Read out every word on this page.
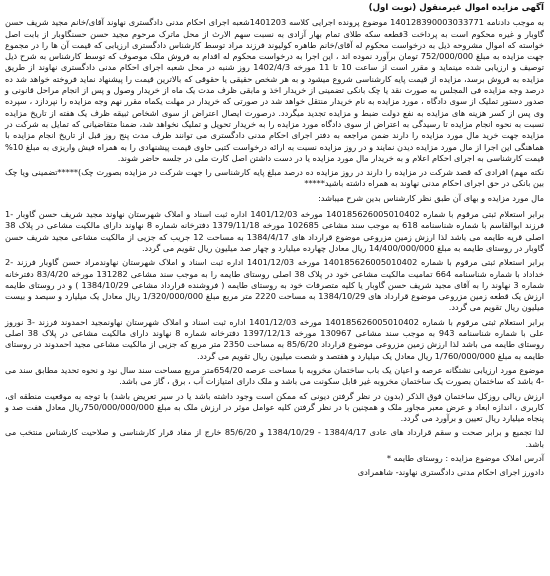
آگهی مزایده اموال غیرمنقول (نوبت اول)

به موجب دادنامه 140128390003033771 موضوع پرونده اجرایی کلاسه 1401203شعبه اجرای احکام مدنی دادگستری نهاوند آقای/خانم مجید شریف حسن گاوبار و غیره محکوم است به پرداخت 3قطعه سکه طلای تمام بهار آزادی به نسبت سهم الارث از محل ماترک مرحوم مجید حسن حسنگاوبار از بابت اصل خواسته که اموال مشروحه ذیل به درخواست محکوم له آقای/خانم طاهره کولیوند فرزند مراد توسط کارشناس دادگستری ارزیابی که قیمت آن ها را در مجموع جهت مزایده به مبلغ 752/000/000 تومان برآورد نموده اند ، این اجرا به درخواست محکوم له اقدام به فروش ملک موصوف که توسط کارشناس به شرح ذیل توصیف و ارزیابی شده مینماید و مقرر است از ساعت 10 تا 11 مورخه 1402/4/3 روز شنبه در محل شعبه اجرای احکام مدنی دادگستری نهاوند از طریق مزایده به فروش برسد، مزایده از قیمت پایه کارشناسی شروع میشود و به هر شخص حقیقی یا حقوقی که بالاترین قیمت را پیشنهاد نماید فروخته خواهد شد ده درصد وجه مزایده فی المجلس به صورت نقد یا چک بانکی تضمینی از خریدار اخذ و مابقی ظرف مدت یک ماه از خریدار وصول و پس از انجام مراحل قانونی و صدور دستور تملیک از سوی دادگاه ، مورد مزایده به نام خریدار منتقل خواهد شد در صورتی که خریدار در مهلت یکماه مقرر نهم وجه مزایده را نپردازد ، سپرده وی پس از کسر هزینه های مزایده به نفع دولت ضبط و مزایده تجدید میگردد. درصورت ایصال اعتراض از سوی اشخاص ثبیقه ظرف یک هفته از تاریخ مزایده نسبت به نحوه انجام مزایده تا رسیدگی به اعتراض از سوی دادگاه مورد مزایده را به خریدار تحویل و تملیک نخواهد شد، ضمنا متقاضیانی که تمایل به شرکت در مزایده جهت خرید مال مورد مزایده را دارند ضمن مراجعه به دفتر اجرای احکام مدنی دادگستری می توانند ظرف مدت پنج روز قبل از تاریخ انجام مزایده با هماهنگی این اجرا از مال مورد مزایده دیدن نمایند و در روز مزایده نسبت به ارائه درخواست کتبی حاوی قیمت پیشنهادی را به همراه فیش واریزی به مبلغ 10% قیمت کارشناسی به اجرای احکام اعلام و به خریدار مال مورد مزایده یا در دست داشتن اصل کارت ملی در جلسه حاضر شوند.

نکته مهم) افرادی که قصد شرکت در مزایده را دارند در روز مزایده ده درصد مبلغ پایه کارشناسی را جهت شرکت در مزایده بصورت چک)*****تضمینی ویا چک بین بانکی در حق اجرای احکام مدنی نهاوند به همراه داشته باشید*****

مال مورد مزایده و بهای آن طبق نظر کارشناس بدین شرح میباشد:

برابر استعلام ثبتی مرقوم با شماره 140185626005010402 مورخه 1401/12/03 اداره ثبت اسناد و املاک شهرستان نهاوند مجید شریف حسن گاوبار -1 فرزند ابوالقاسم با شماره شناسنامه 618 به موجب سند مشاعی 102685 مورخه 1379/11/18 دفترخانه شماره 8 نهاوند دارای مالکیت مشاعی در پلاک 38 اصلی قریه طایمه می باشد لذا ارزش زمین مزروعی موضوع قرارداد های 1384/4/17 به مساحت 12 جریب که جزیی از مالکیت مشاعی مجید شریف حسن گاوبار در روستای طایمه به مبلغ 14/400/000/000 ریال معادل چهارده میلیارد و چهار صد میلیون ریال تقویم می گردد.

برابر استعلام ثبتی مرقوم با شماره 140185626005010402 مورخه 1401/12/03 اداره ثبت اسناد و املاک شهرستان نهاوندمراد حسن گاوبار فرزند -2 خداداد با شماره شناسنامه 664 تمامیت مالکیت مشاعی خود در پلاک 38 اصلی روستای طایمه را به موجب سند مشاعی 131282 مورخه 83/4/20 دفترخانه شماره 3 نهاوند را به آقای مجید شریف حسن گاوبار یا کلیه متصرفات خود به روستای طایمه ( فروشنده قرارداد مشاعی 1384/10/29 ) و در روستای طایمه ارزش یک قطعه زمین مزروعی موضوع قرارداد های 1384/10/29 به مساحت 2220 متر مربع مبلغ 1/320/000/000 ریال معادل یک میلیارد و سیصد و بیست میلیون ریال تقویم می گردد.

برابر استعلام ثبتی مرقوم با شماره 140185626005010402 مورخه 1401/12/03 اداره ثبت اسناد و املاک شهرستان نهاونمجید احمدوند فرزند -3 نوروز علی با شماره شناسنامه 943 به موجب سند مشاعی 130967 مورخه 1397/12/13 دفترخانه شماره 8 نهاوند دارای مالکیت مشاعی در پلاک 38 اصلی روستای طایمه می باشد لذا ارزش زمین مزروعی موضوع قرارداد 85/6/20 به مساحت 2350 متر مربع که جزیی از مالکیت مشاعی مجید احمدوند در روستای طایمه به مبلغ 1/760/000/000 ریال معادل یک میلیارد و هفتصد و شصت میلیون ریال تقویم می گردد.

موضوع مورد ارزیابی نشتگانه عرصه و اعیان یک باب ساختمان مخروبه با مساحت عرصه 654/20متر مربع مساحت سند سال نود و نحوه تحدید مطابق سند می -4 باشد که ساختمان بصورت یک ساختمان مخروبه غیر قابل سکونت می باشد و ملک دارای امتیازات آب ، برق ، گاز می باشد.

ارزش ریالی روزکل ساختمان فوق الذکر (بدون در نظر گرفتن دیونی که ممکن است وجود داشته باشد یا در سیر تعریض باشد) با توجه به موقعیت منطقه ای، کاربری ، اندازه ابعاد و عرض معبر مجاور ملک و همچنین با در نظر گرفتن کلیه عوامل موثر در ارزش ملک به مبلغ 750/000/000/000ریال معادل هفت صد و پنجاه میلیارد ریال تعیین و برآورد می گردد.

لذا تجمیع و برابر صحت و سقم قرارداد های عادی 1384/4/17 - 1384/10/29 و 85/6/20 خارج از مفاد قرار کارشناسی و صلاحیت کارشناس منتخب می باشد.

آدرس املاک موضوع مزایده : روستای طایمه *

دادورز اجرای احکام مدنی دادگستری نهاوند- شاهمرادی
